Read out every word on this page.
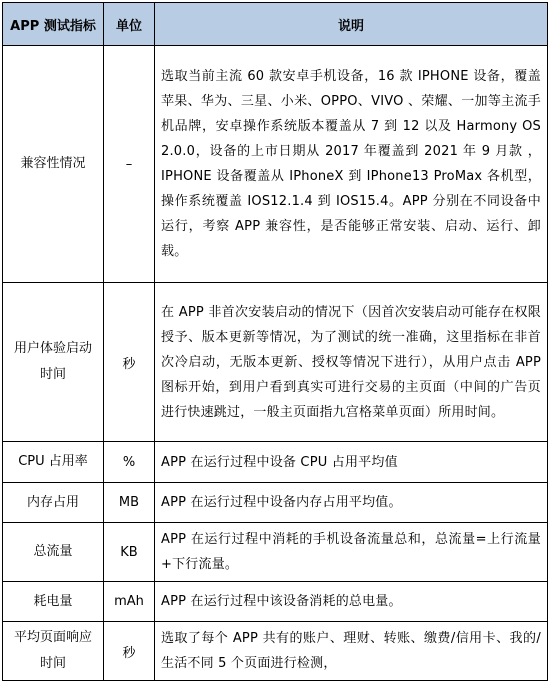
APP 测试指标	单位	说明
兼容性情况	–	选取当前主流 60 款安卓手机设备，16 款 IPHONE 设备，覆盖苹果、华为、三星、小米、OPPO、VIVO 、荣耀、一加等主流手机品牌，安卓操作系统版本覆盖从 7 到 12 以及 Harmony OS 2.0.0，设备的上市日期从 2017 年覆盖到 2021 年 9 月款 ，IPHONE 设备覆盖从 IPhoneX 到 IPhone13 ProMax 各机型，操作系统覆盖 IOS12.1.4 到 IOS15.4。APP 分别在不同设备中运行，考察 APP 兼容性，是否能够正常安装、启动、运行、卸载。
用户体验启动时间	秒	在 APP 非首次安装启动的情况下（因首次安装启动可能存在权限授予、版本更新等情况，为了测试的统一准确，这里指标在非首次冷启动，无版本更新、授权等情况下进行），从用户点击 APP 图标开始，到用户看到真实可进行交易的主页面（中间的广告页进行快速跳过，一般主页面指九宫格菜单页面）所用时间。
CPU 占用率	%	APP 在运行过程中设备 CPU 占用平均值
内存占用	MB	APP 在运行过程中设备内存占用平均值。
总流量	KB	APP 在运行过程中消耗的手机设备流量总和，总流量=上行流量+下行流量。
耗电量	mAh	APP 在运行过程中该设备消耗的总电量。
平均页面响应时间	秒	选取了每个 APP 共有的账户、理财、转账、缴费/信用卡、我的/生活不同 5 个页面进行检测，
